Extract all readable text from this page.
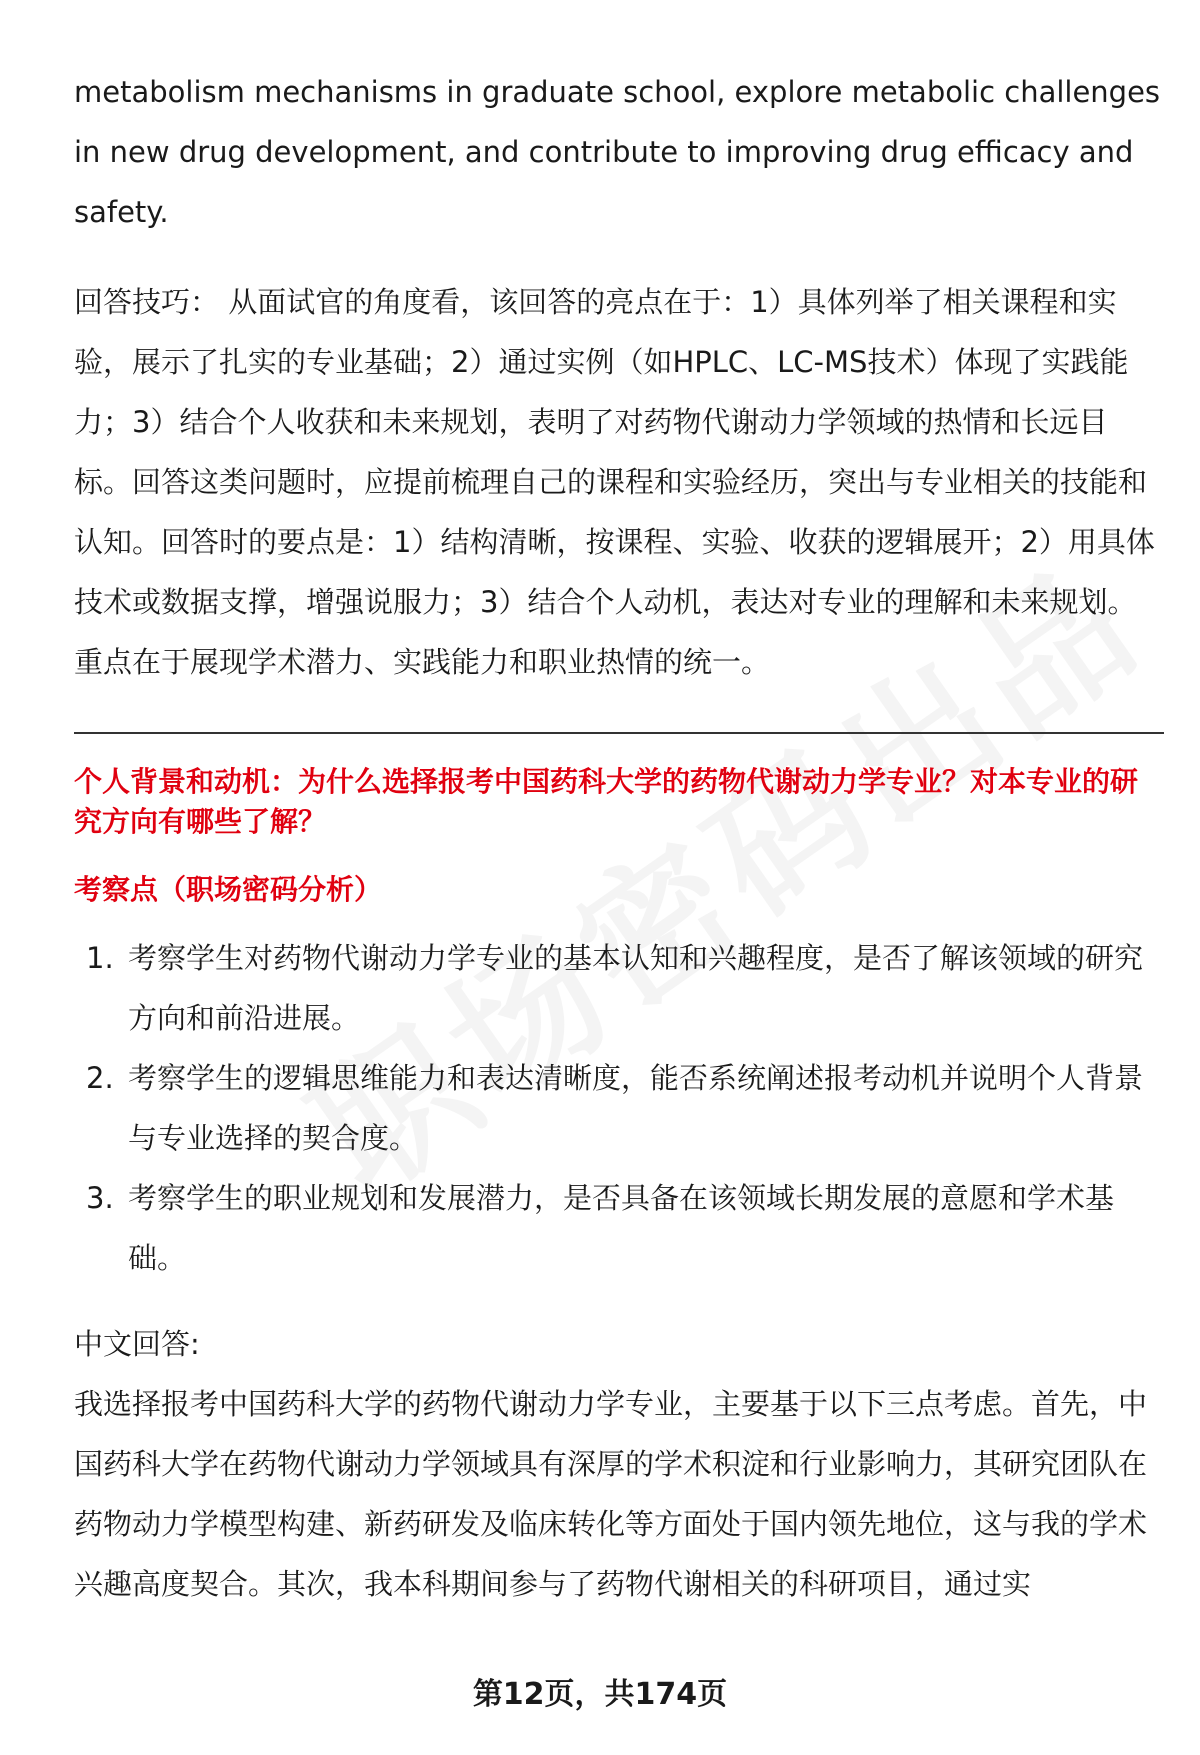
metabolism mechanisms in graduate school, explore metabolic challenges in new drug development, and contribute to improving drug efficacy and safety.

回答技巧： 从面试官的角度看，该回答的亮点在于：1）具体列举了相关课程和实验，展示了扎实的专业基础；2）通过实例（如HPLC、LC-MS技术）体现了实践能力；3）结合个人收获和未来规划，表明了对药物代谢动力学领域的热情和长远目标。回答这类问题时，应提前梳理自己的课程和实验经历，突出与专业相关的技能和认知。回答时的要点是：1）结构清晰，按课程、实验、收获的逻辑展开；2）用具体技术或数据支撑，增强说服力；3）结合个人动机，表达对专业的理解和未来规划。重点在于展现学术潜力、实践能力和职业热情的统一。

个人背景和动机：为什么选择报考中国药科大学的药物代谢动力学专业？对本专业的研究方向有哪些了解？

考察点（职场密码分析）

1. 考察学生对药物代谢动力学专业的基本认知和兴趣程度，是否了解该领域的研究方向和前沿进展。
2. 考察学生的逻辑思维能力和表达清晰度，能否系统阐述报考动机并说明个人背景与专业选择的契合度。
3. 考察学生的职业规划和发展潜力，是否具备在该领域长期发展的意愿和学术基础。

中文回答:

我选择报考中国药科大学的药物代谢动力学专业，主要基于以下三点考虑。首先，中国药科大学在药物代谢动力学领域具有深厚的学术积淀和行业影响力，其研究团队在药物动力学模型构建、新药研发及临床转化等方面处于国内领先地位，这与我的学术兴趣高度契合。其次，我本科期间参与了药物代谢相关的科研项目，通过实

第12页，共174页
